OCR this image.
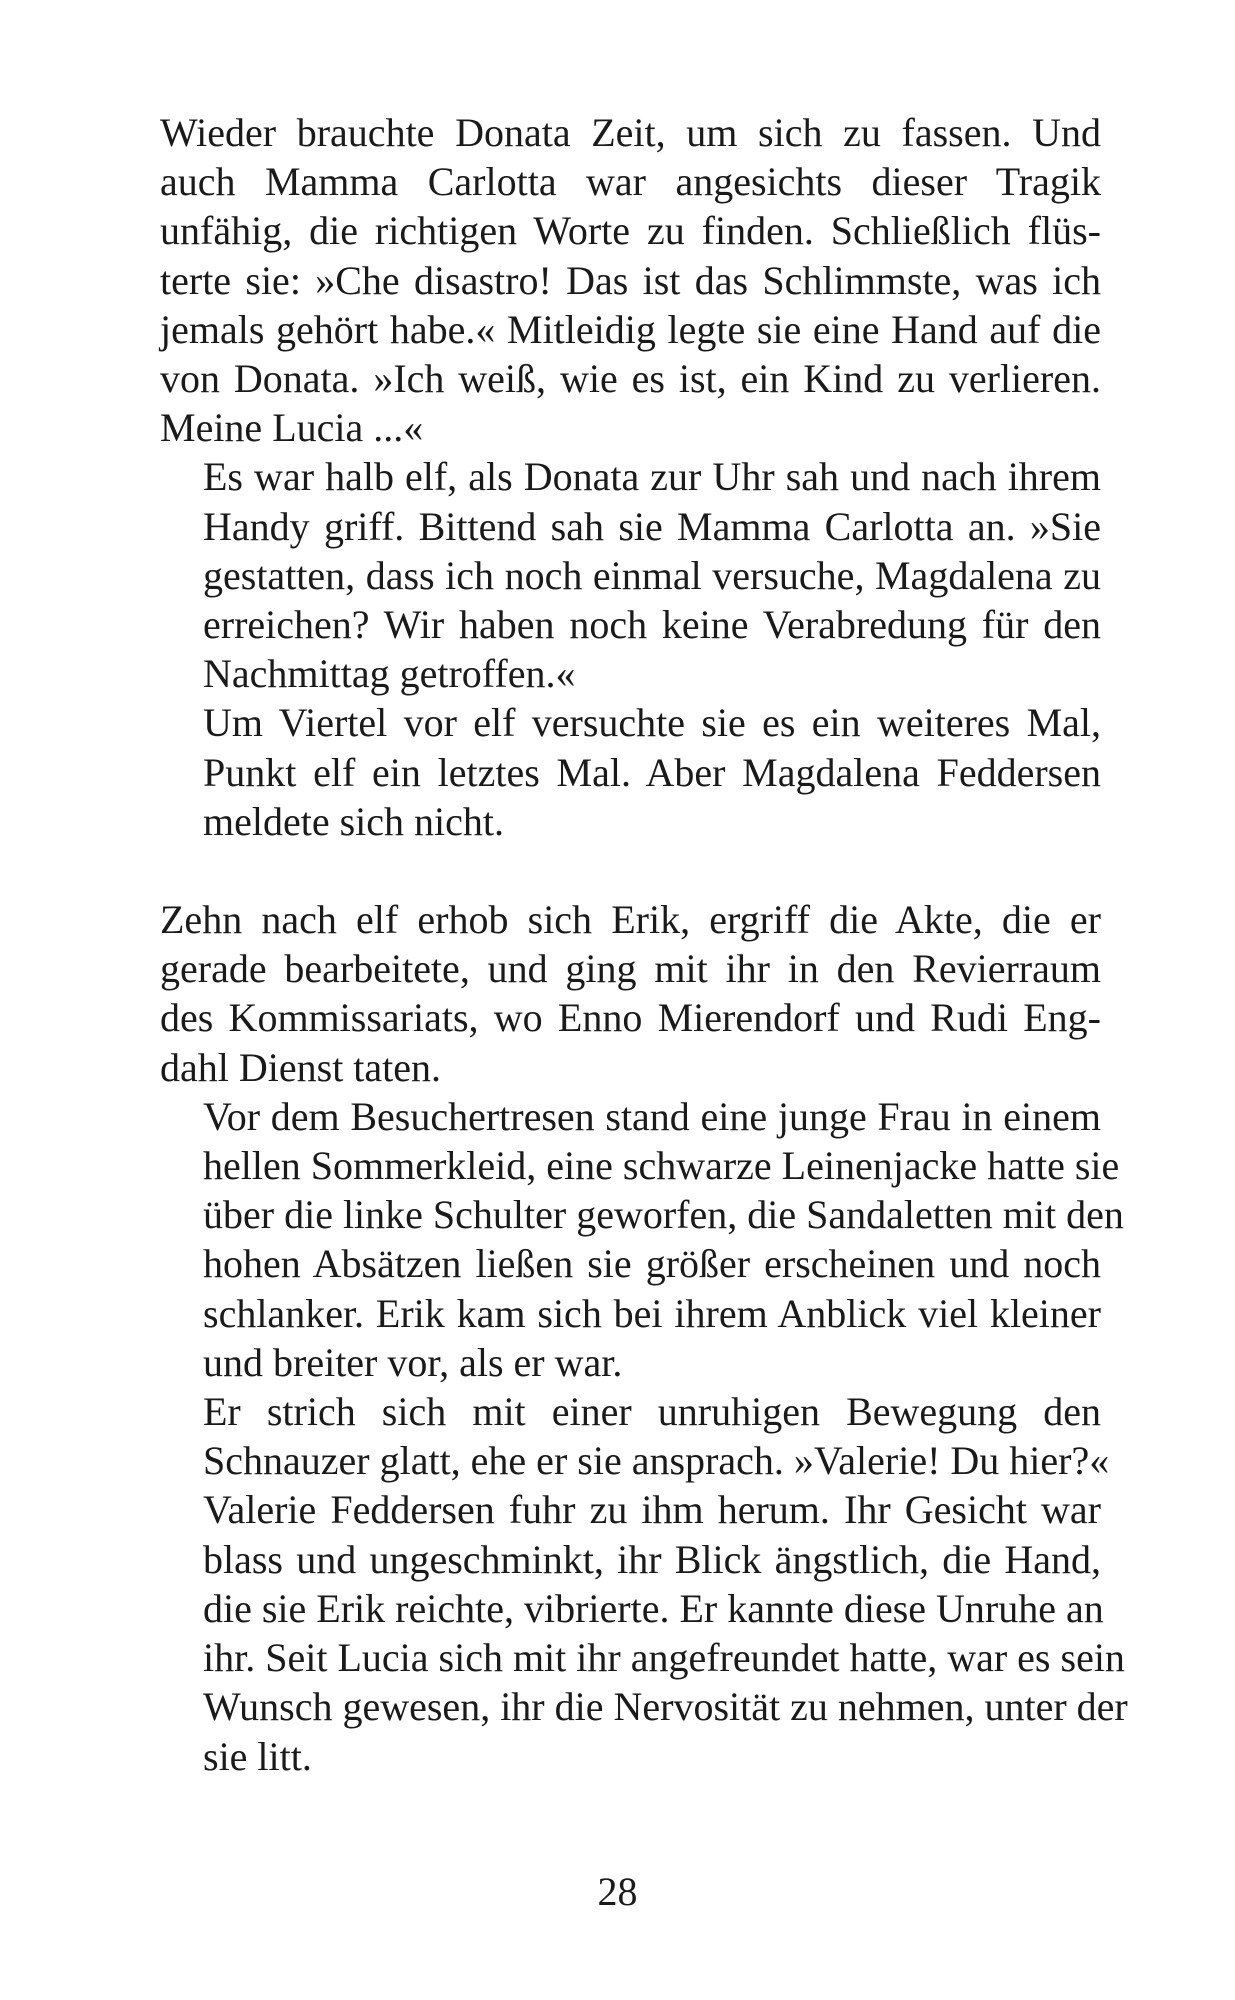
Wieder brauchte Donata Zeit, um sich zu fassen. Und
auch Mamma Carlotta war angesichts dieser Tragik
unfähig, die richtigen Worte zu finden. Schließlich flüs-
terte sie: »Che disastro! Das ist das Schlimmste, was ich
jemals gehört habe.« Mitleidig legte sie eine Hand auf die
von Donata. »Ich weiß, wie es ist, ein Kind zu verlieren.
Meine Lucia ...«

Es war halb elf, als Donata zur Uhr sah und nach ihrem
Handy griff. Bittend sah sie Mamma Carlotta an. »Sie
gestatten, dass ich noch einmal versuche, Magdalena zu
erreichen? Wir haben noch keine Verabredung für den
Nachmittag getroffen.«

Um Viertel vor elf versuchte sie es ein weiteres Mal,
Punkt elf ein letztes Mal. Aber Magdalena Feddersen
meldete sich nicht.

Zehn nach elf erhob sich Erik, ergriff die Akte, die er
gerade bearbeitete, und ging mit ihr in den Revierraum
des Kommissariats, wo Enno Mierendorf und Rudi Eng-
dahl Dienst taten.

Vor dem Besuchertresen stand eine junge Frau in einem
hellen Sommerkleid, eine schwarze Leinenjacke hatte sie
über die linke Schulter geworfen, die Sandaletten mit den
hohen Absätzen ließen sie größer erscheinen und noch
schlanker. Erik kam sich bei ihrem Anblick viel kleiner
und breiter vor, als er war.

Er strich sich mit einer unruhigen Bewegung den
Schnauzer glatt, ehe er sie ansprach. »Valerie! Du hier?«

Valerie Feddersen fuhr zu ihm herum. Ihr Gesicht war
blass und ungeschminkt, ihr Blick ängstlich, die Hand,
die sie Erik reichte, vibrierte. Er kannte diese Unruhe an
ihr. Seit Lucia sich mit ihr angefreundet hatte, war es sein
Wunsch gewesen, ihr die Nervosität zu nehmen, unter der
sie litt.

28
